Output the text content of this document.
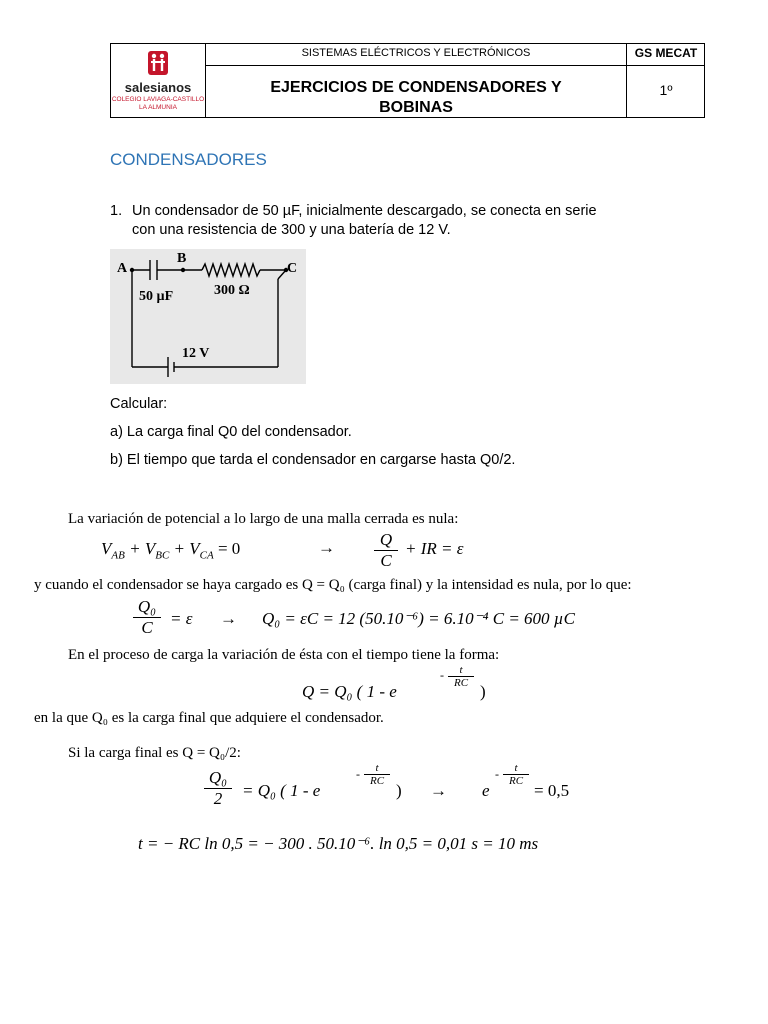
salesianos
COLEGIO LAVIAGA-CASTILLO
LA ALMUNIA
SISTEMAS ELÉCTRICOS Y ELECTRÓNICOS	GS MECAT
EJERCICIOS DE CONDENSADORES Y
BOBINAS
1º
CONDENSADORES
1. Un condensador de 50 µF, inicialmente descargado, se conecta en serie
con una resistencia de 300 y una batería de 12 V.
A
B
C
50 µF	300 Ω
12 V
Calcular:
a) La carga final Q0 del condensador.
b) El tiempo que tarda el condensador en cargarse hasta Q0/2.
La variación de potencial a lo largo de una malla cerrada es nula:
$V_{AB} + V_{BC} + V_{CA} = 0$	→ $\frac{Q}{C}$ + IR = ε
y cuando el condensador se haya cargado es Q = Q₀ (carga final) y la intensidad es nula, por lo que:
$\frac{\text{Q₀}}{C} = \varepsilon \to Q_0 = \varepsilon C = 12$ (50.10⁻⁶) = 6.10⁻⁴ C = 600 µC
En el proceso de carga la variación de ésta con el tiempo tiene la forma:
Q = Q₀ ( 1 - e
- $\frac{t}{RC}$
)
en la que Q₀ es la carga final que adquiere el condensador.
Si la carga final es Q = Q₀/2:
$\frac{\text{Q₀}}{2} = Q_0$ ( 1 - e
- $\frac{t}{RC}$
) → e
- $\frac{t}{RC}$
= 0,5
t = − RC ln 0,5 = − 300 . 50.10⁻⁶. ln 0,5 = 0,01 s = 10 ms
